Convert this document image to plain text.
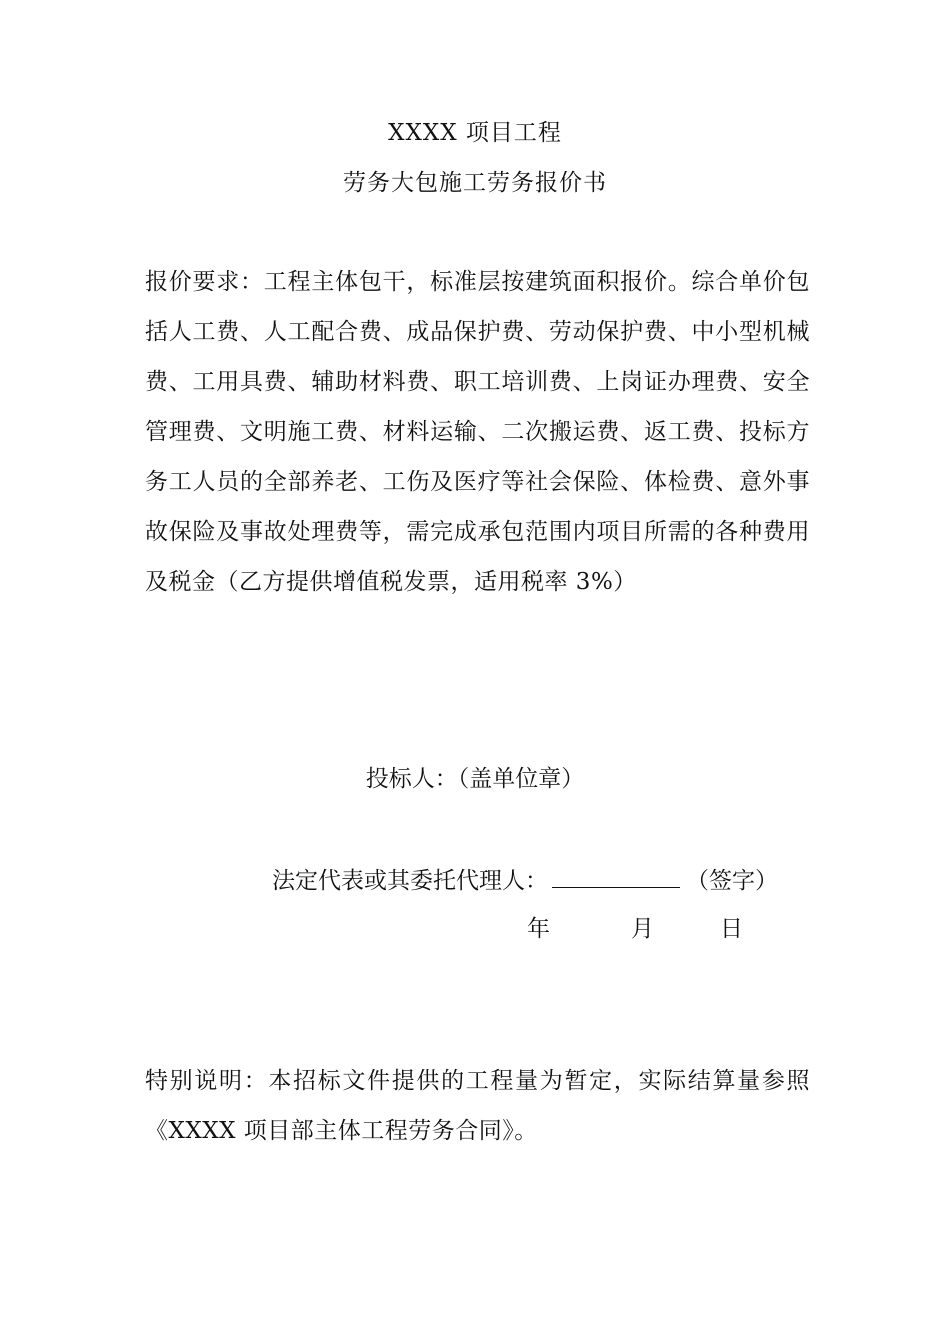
XXXX 项目工程
劳务大包施工劳务报价书
报价要求：工程主体包干，标准层按建筑面积报价。综合单价包括人工费、人工配合费、成品保护费、劳动保护费、中小型机械费、工用具费、辅助材料费、职工培训费、上岗证办理费、安全管理费、文明施工费、材料运输、二次搬运费、返工费、投标方务工人员的全部养老、工伤及医疗等社会保险、体检费、意外事故保险及事故处理费等，需完成承包范围内项目所需的各种费用及税金（乙方提供增值税发票，适用税率 3%）
投标人：（盖单位章）
法定代表或其委托代理人：	（签字）
年	月	日
特别说明：本招标文件提供的工程量为暂定，实际结算量参照《XXXX 项目部主体工程劳务合同》。
